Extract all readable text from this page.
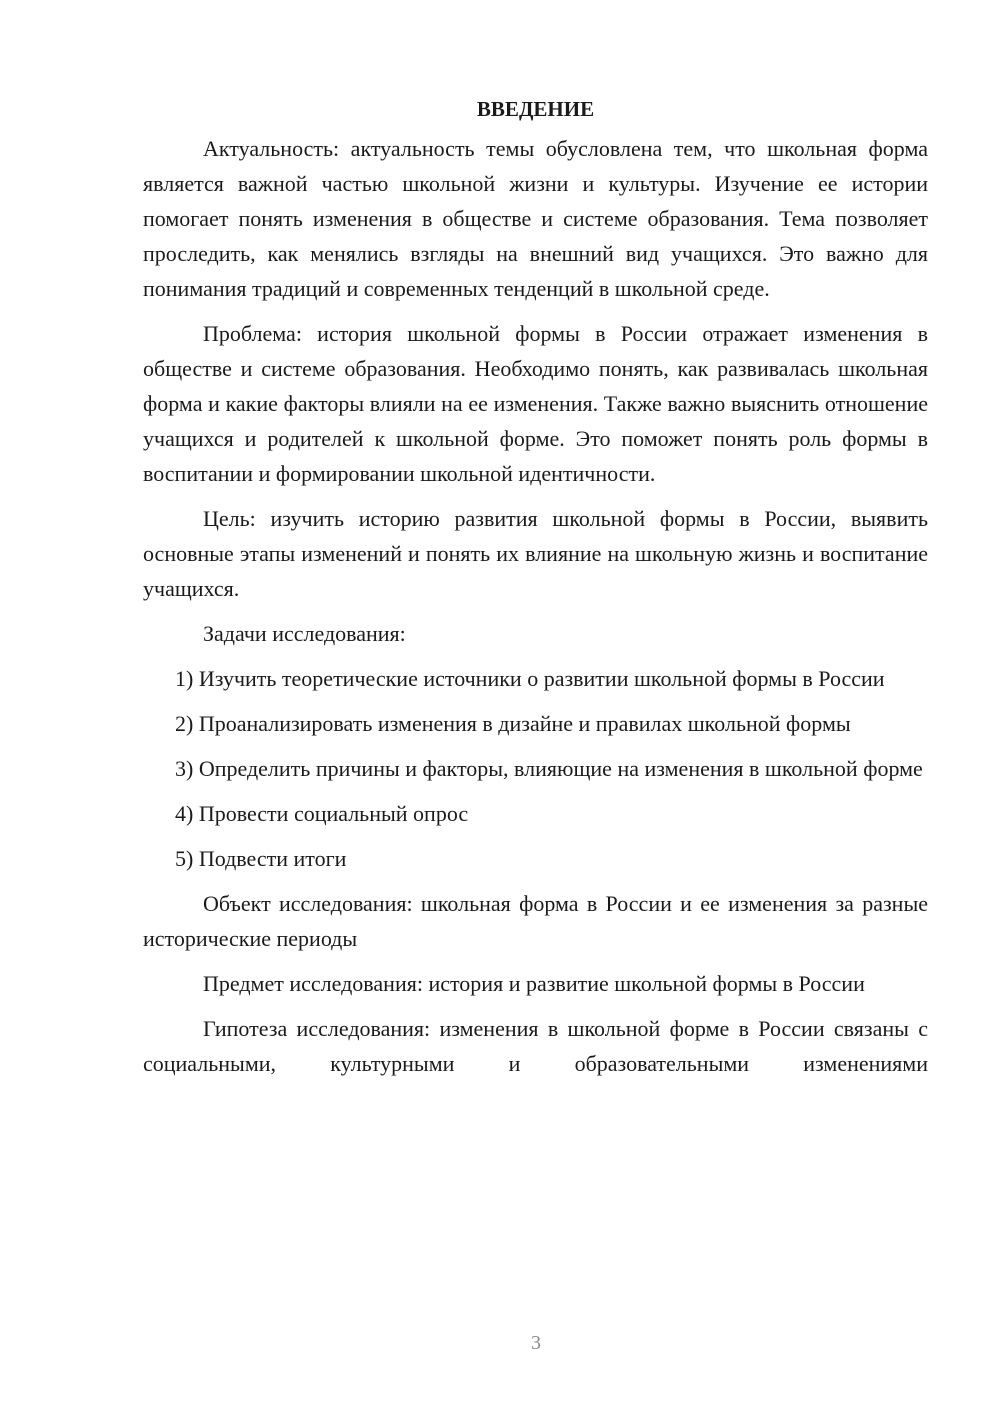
ВВЕДЕНИЕ

Актуальность: актуальность темы обусловлена тем, что школьная форма является важной частью школьной жизни и культуры. Изучение ее истории помогает понять изменения в обществе и системе образования. Тема позволяет проследить, как менялись взгляды на внешний вид учащихся. Это важно для понимания традиций и современных тенденций в школьной среде.

Проблема: история школьной формы в России отражает изменения в обществе и системе образования. Необходимо понять, как развивалась школьная форма и какие факторы влияли на ее изменения. Также важно выяснить отношение учащихся и родителей к школьной форме. Это поможет понять роль формы в воспитании и формировании школьной идентичности.

Цель: изучить историю развития школьной формы в России, выявить основные этапы изменений и понять их влияние на школьную жизнь и воспитание учащихся.

Задачи исследования:

1) Изучить теоретические источники о развитии школьной формы в России

2) Проанализировать изменения в дизайне и правилах школьной формы

3) Определить причины и факторы, влияющие на изменения в школьной форме

4) Провести социальный опрос

5) Подвести итоги

Объект исследования: школьная форма в России и ее изменения за разные исторические периоды

Предмет исследования: история и развитие школьной формы в России

Гипотеза исследования: изменения в школьной форме в России связаны с социальными, культурными и образовательными изменениями

3
